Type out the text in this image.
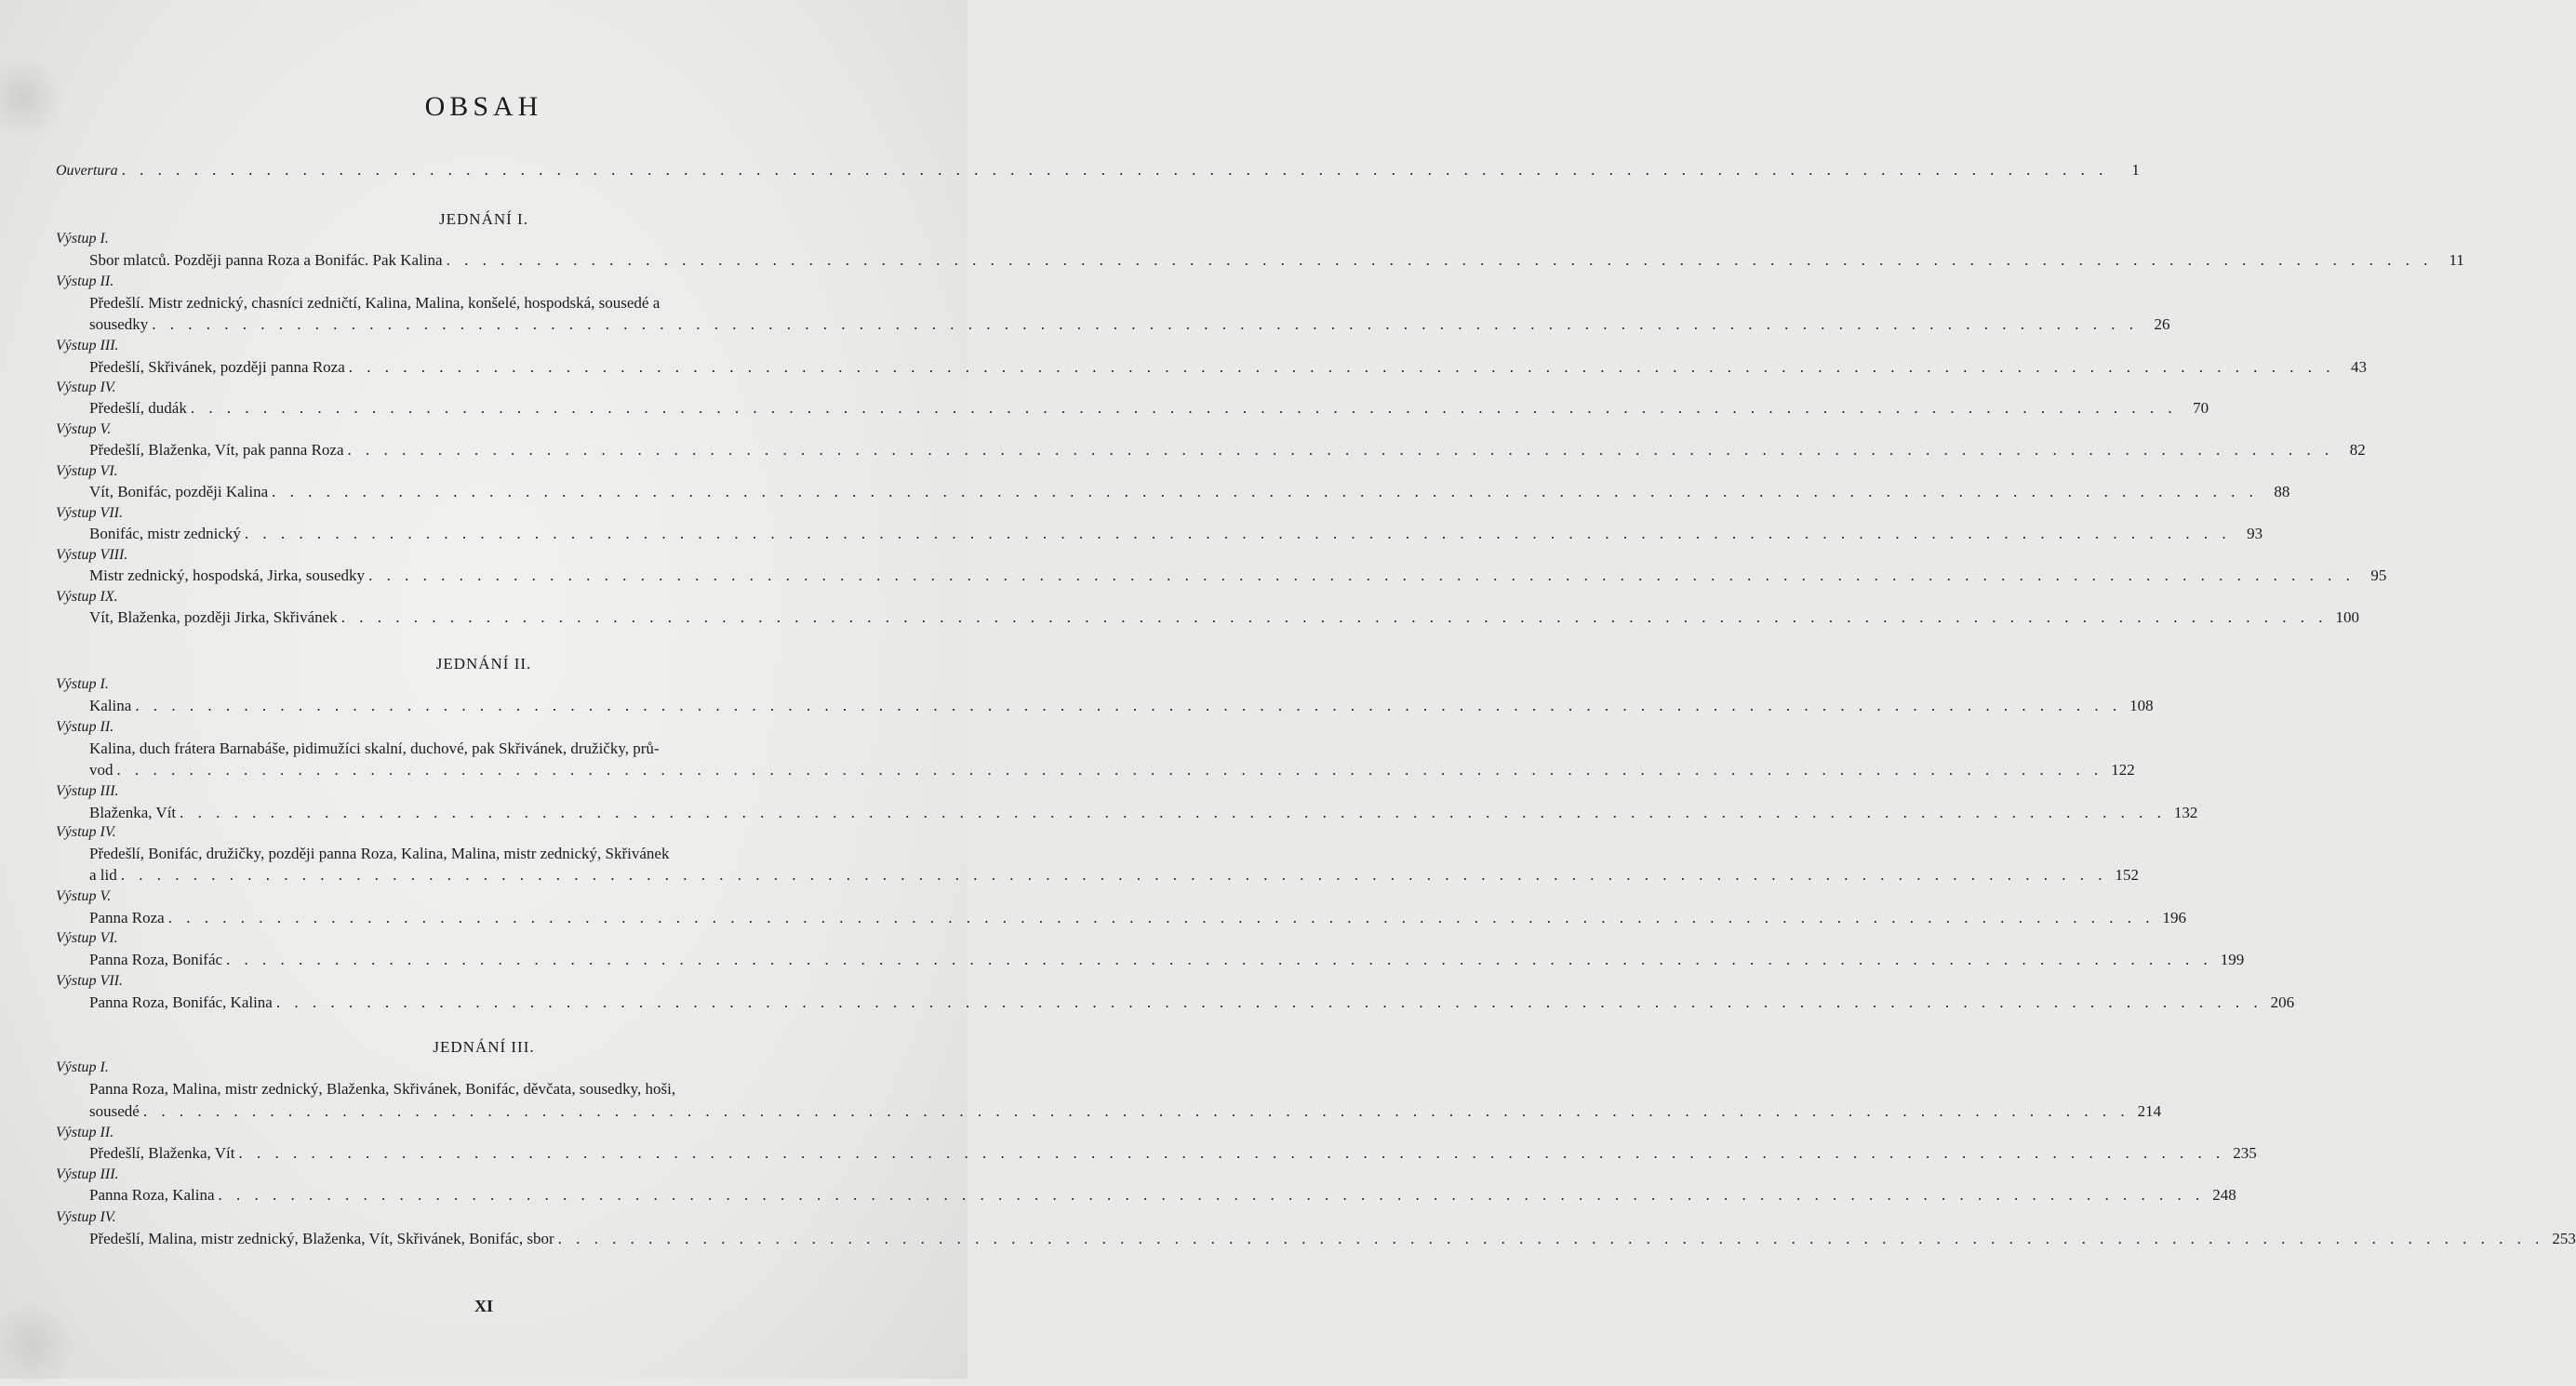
OBSAH
Ouvertura . . . . . . . . . . . . . . . . . . . . . . . . . . . . . . . . . . . . . . . . . . . . . . . . . . . . . . . . . . . . . . . . . . . . . . . . . . . . . . . . . . . . . . . . . . . . . . . . . . . . . . . . . . . . . .	1
JEDNÁNÍ I.
Výstup I.
Sbor mlatců. Později panna Roza a Bonifác. Pak Kalina . . . . . . . . . . . . . . . . . . . . . . . . . . . . . . . . . . . . . . . . . . . . . . . . . . . . . . . . . . . . . . . . . . . . . . . . . . . . . . . . . . . . . . . . . . . . . . . . . . . . . . . . . . . . . .	11
Výstup II.
Předešlí. Mistr zednický, chasníci zedničtí, Kalina, Malina, konšelé, hospodská, sousedé a
sousedky . . . . . . . . . . . . . . . . . . . . . . . . . . . . . . . . . . . . . . . . . . . . . . . . . . . . . . . . . . . . . . . . . . . . . . . . . . . . . . . . . . . . . . . . . . . . . . . . . . . . . . . . . . . . . .	26
Výstup III.
Předešlí, Skřivánek, později panna Roza . . . . . . . . . . . . . . . . . . . . . . . . . . . . . . . . . . . . . . . . . . . . . . . . . . . . . . . . . . . . . . . . . . . . . . . . . . . . . . . . . . . . . . . . . . . . . . . . . . . . . . . . . . . . . .	43
Výstup IV.
Předešlí, dudák . . . . . . . . . . . . . . . . . . . . . . . . . . . . . . . . . . . . . . . . . . . . . . . . . . . . . . . . . . . . . . . . . . . . . . . . . . . . . . . . . . . . . . . . . . . . . . . . . . . . . . . . . . . . . .	70
Výstup V.
Předešlí, Blaženka, Vít, pak panna Roza . . . . . . . . . . . . . . . . . . . . . . . . . . . . . . . . . . . . . . . . . . . . . . . . . . . . . . . . . . . . . . . . . . . . . . . . . . . . . . . . . . . . . . . . . . . . . . . . . . . . . . . . . . . . . .	82
Výstup VI.
Vít, Bonifác, později Kalina . . . . . . . . . . . . . . . . . . . . . . . . . . . . . . . . . . . . . . . . . . . . . . . . . . . . . . . . . . . . . . . . . . . . . . . . . . . . . . . . . . . . . . . . . . . . . . . . . . . . . . . . . . . . . .	88
Výstup VII.
Bonifác, mistr zednický . . . . . . . . . . . . . . . . . . . . . . . . . . . . . . . . . . . . . . . . . . . . . . . . . . . . . . . . . . . . . . . . . . . . . . . . . . . . . . . . . . . . . . . . . . . . . . . . . . . . . . . . . . . . . .	93
Výstup VIII.
Mistr zednický, hospodská, Jirka, sousedky . . . . . . . . . . . . . . . . . . . . . . . . . . . . . . . . . . . . . . . . . . . . . . . . . . . . . . . . . . . . . . . . . . . . . . . . . . . . . . . . . . . . . . . . . . . . . . . . . . . . . . . . . . . . . .	95
Výstup IX.
Vít, Blaženka, později Jirka, Skřivánek . . . . . . . . . . . . . . . . . . . . . . . . . . . . . . . . . . . . . . . . . . . . . . . . . . . . . . . . . . . . . . . . . . . . . . . . . . . . . . . . . . . . . . . . . . . . . . . . . . . . . . . . . . . . . . 100
JEDNÁNÍ II.
Výstup I.
Kalina . . . . . . . . . . . . . . . . . . . . . . . . . . . . . . . . . . . . . . . . . . . . . . . . . . . . . . . . . . . . . . . . . . . . . . . . . . . . . . . . . . . . . . . . . . . . . . . . . . . . . . . . . . . . . . 108
Výstup II.
Kalina, duch frátera Barnabáše, pidimužíci skalní, duchové, pak Skřivánek, družičky, prů-
vod . . . . . . . . . . . . . . . . . . . . . . . . . . . . . . . . . . . . . . . . . . . . . . . . . . . . . . . . . . . . . . . . . . . . . . . . . . . . . . . . . . . . . . . . . . . . . . . . . . . . . . . . . . . . . . 122
Výstup III.
Blaženka, Vít . . . . . . . . . . . . . . . . . . . . . . . . . . . . . . . . . . . . . . . . . . . . . . . . . . . . . . . . . . . . . . . . . . . . . . . . . . . . . . . . . . . . . . . . . . . . . . . . . . . . . . . . . . . . . . 132
Výstup IV.
Předešlí, Bonifác, družičky, později panna Roza, Kalina, Malina, mistr zednický, Skřivánek
a lid . . . . . . . . . . . . . . . . . . . . . . . . . . . . . . . . . . . . . . . . . . . . . . . . . . . . . . . . . . . . . . . . . . . . . . . . . . . . . . . . . . . . . . . . . . . . . . . . . . . . . . . . . . . . . . 152
Výstup V.
Panna Roza . . . . . . . . . . . . . . . . . . . . . . . . . . . . . . . . . . . . . . . . . . . . . . . . . . . . . . . . . . . . . . . . . . . . . . . . . . . . . . . . . . . . . . . . . . . . . . . . . . . . . . . . . . . . . . 196
Výstup VI.
Panna Roza, Bonifác . . . . . . . . . . . . . . . . . . . . . . . . . . . . . . . . . . . . . . . . . . . . . . . . . . . . . . . . . . . . . . . . . . . . . . . . . . . . . . . . . . . . . . . . . . . . . . . . . . . . . . . . . . . . . . 199
Výstup VII.
Panna Roza, Bonifác, Kalina . . . . . . . . . . . . . . . . . . . . . . . . . . . . . . . . . . . . . . . . . . . . . . . . . . . . . . . . . . . . . . . . . . . . . . . . . . . . . . . . . . . . . . . . . . . . . . . . . . . . . . . . . . . . . . 206
JEDNÁNÍ III.
Výstup I.
Panna Roza, Malina, mistr zednický, Blaženka, Skřivánek, Bonifác, děvčata, sousedky, hoši,
sousedé . . . . . . . . . . . . . . . . . . . . . . . . . . . . . . . . . . . . . . . . . . . . . . . . . . . . . . . . . . . . . . . . . . . . . . . . . . . . . . . . . . . . . . . . . . . . . . . . . . . . . . . . . . . . . . 214
Výstup II.
Předešlí, Blaženka, Vít . . . . . . . . . . . . . . . . . . . . . . . . . . . . . . . . . . . . . . . . . . . . . . . . . . . . . . . . . . . . . . . . . . . . . . . . . . . . . . . . . . . . . . . . . . . . . . . . . . . . . . . . . . . . . . 235
Výstup III.
Panna Roza, Kalina . . . . . . . . . . . . . . . . . . . . . . . . . . . . . . . . . . . . . . . . . . . . . . . . . . . . . . . . . . . . . . . . . . . . . . . . . . . . . . . . . . . . . . . . . . . . . . . . . . . . . . . . . . . . . . 248
Výstup IV.
Předešlí, Malina, mistr zednický, Blaženka, Vít, Skřivánek, Bonifác, sbor . . . . . . . . . . . . . . . . . . . . . . . . . . . . . . . . . . . . . . . . . . . . . . . . . . . . . . . . . . . . . . . . . . . . . . . . . . . . . . . . . . . . . . . . . . . . . . . . . . . . . . . . . . . . . . 253
XI
